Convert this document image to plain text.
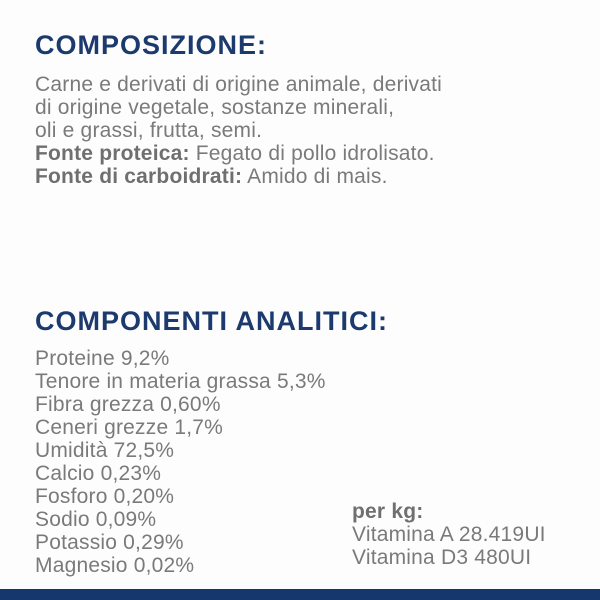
COMPOSIZIONE:

Carne e derivati di origine animale, derivati
di origine vegetale, sostanze minerali,
oli e grassi, frutta, semi.
Fonte proteica: Fegato di pollo idrolisato.
Fonte di carboidrati: Amido di mais.

COMPONENTI ANALITICI:
Proteine 9,2%
Tenore in materia grassa 5,3%
Fibra grezza 0,60%
Ceneri grezze 1,7%
Umidità 72,5%
Calcio 0,23%
Fosforo 0,20%
Sodio 0,09%
Potassio 0,29%
Magnesio 0,02%
per kg:
Vitamina A 28.419UI
Vitamina D3 480UI
